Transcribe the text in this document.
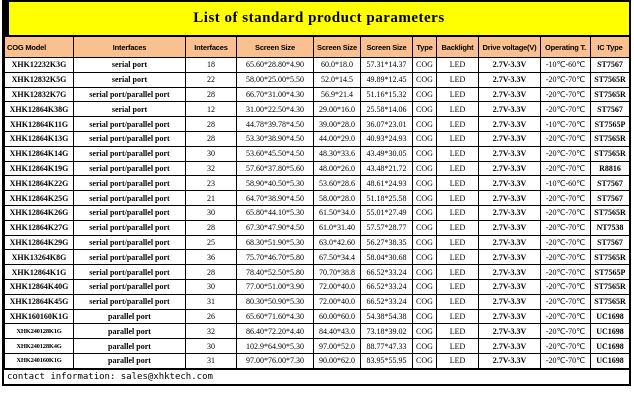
List of standard product parameters
COG Model	Interfaces	Interfaces	Screen Size	Screen Size	Screen Size	Type	Backlight	Drive voltage(V)	Operating T.	IC Type
XHK12232K3G	serial port	18	65.60*28.80*4.90	60.0*18.0	57.31*14.37	COG	LED	2.7V-3.3V	-10℃-60℃	ST7567
XHK12832K5G	serial port	22	58.00*25.00*5.50	52.0*14.5	49.89*12.45	COG	LED	2.7V-3.3V	-20℃-70℃	ST7565R
XHK12832K7G	serial port/parallel port	28	66.70*31.00*4.30	56.9*21.4	51.16*15.32	COG	LED	2.7V-3.3V	-20℃-70℃	ST7565R
XHK12864K38G	serial port	12	31.00*22.50*4.30	29.00*16.0	25.58*14.06	COG	LED	2.7V-3.3V	-20℃-70℃	ST7567
XHK12864K11G	serial port/parallel port	28	44.78*39.78*4.50	39.00*28.0	36.07*23.01	COG	LED	2.7V-3.3V	-10℃-70℃	ST7565P
XHK12864K13G	serial port/parallel port	28	53.30*38.90*4.50	44.00*29.0	40.93*24.93	COG	LED	2.7V-3.3V	-20℃-70℃	ST7565R
XHK12864K14G	serial port/parallel port	30	53.60*45.50*4.50	48.30*33.6	43.49*30.05	COG	LED	2.7V-3.3V	-20℃-70℃	ST7565R
XHK12864K19G	serial port/parallel port	32	57.60*37.80*5.60	48.00*26.0	43.48*21.72	COG	LED	2.7V-3.3V	-20℃-70℃	R8816
XHK12864K22G	serial port/parallel port	23	58.90*40.50*5.30	53.60*28.6	48.61*24.93	COG	LED	2.7V-3.3V	-10℃-60℃	ST7567
XHK12864K25G	serial port/parallel port	21	64.70*38.90*4.50	58.00*28.0	51.18*25.58	COG	LED	2.7V-3.3V	-20℃-70℃	ST7567
XHK12864K26G	serial port/parallel port	30	65.80*44.10*5.30	61.50*34.0	55.01*27.49	COG	LED	2.7V-3.3V	-20℃-70℃	ST7565R
XHK12864K27G	serial port/parallel port	28	67.30*47.90*4.50	61.0*31.40	57.57*28.77	COG	LED	2.7V-3.3V	-20℃-70℃	NT7538
XHK12864K29G	serial port/parallel port	25	68.30*51.90*5.30	63.0*42.60	56.27*38.35	COG	LED	2.7V-3.3V	-20℃-70℃	ST7567
XHK13264K8G	serial port/parallel port	36	75.70*46.70*5.80	67.50*34.4	58.04*30.68	COG	LED	2.7V-3.3V	-20℃-70℃	ST7565R
XHK12864K1G	serial port/parallel port	28	78.40*52.50*5.80	70.70*38.8	66.52*33.24	COG	LED	2.7V-3.3V	-20℃-70℃	ST7565P
XHK12864K40G	serial port/parallel port	30	77.00*51.00*3.90	72.00*40.0	66.52*33.24	COG	LED	2.7V-3.3V	-20℃-70℃	ST7565R
XHK12864K45G	serial port/parallel port	31	80.30*50.90*5.30	72.00*40.0	66.52*33.24	COG	LED	2.7V-3.3V	-20℃-70℃	ST7565R
XHK160160K1G	parallel port	26	65.60*71.60*4.30	60.00*60.0	54.38*54.38	COG	LED	2.7V-3.3V	-20℃-70℃	UC1698
XHK240128K1G	parallel port	32	86.40*72.20*4.40	84.40*43.0	73.18*39.02	COG	LED	2.7V-3.3V	-20℃-70℃	UC1698
XHK240128K4G	parallel port	30	102.9*64.90*5.30	97.00*52.0	88.77*47.33	COG	LED	2.7V-3.3V	-20℃-70℃	UC1698
XHK240160K1G	parallel port	31	97.00*76.00*7.30	90.00*62.0	83.95*55.95	COG	LED	2.7V-3.3V	-20℃-70℃	UC1698
contact information: sales@xhktech.com
